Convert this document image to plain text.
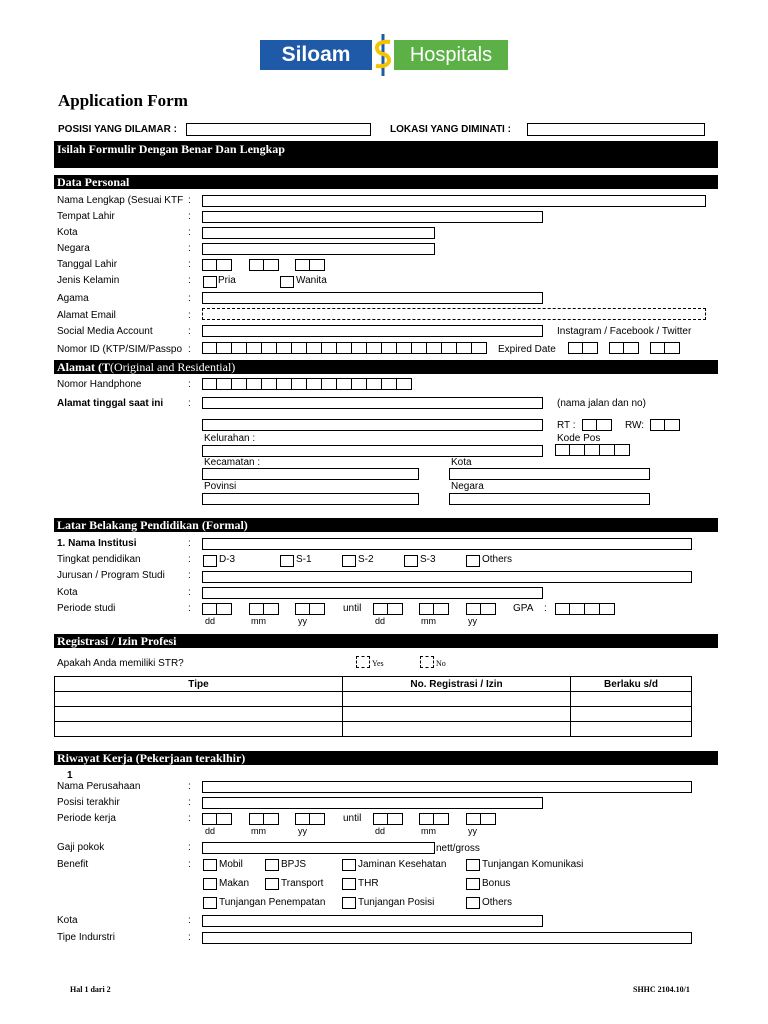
Siloam	Hospitals
Application Form
POSISI YANG DILAMAR :	LOKASI YANG DIMINATI :
Isilah Formulir Dengan Benar Dan Lengkap
Data Personal
Nama Lengkap (Sesuai KTF :
Tempat Lahir	:
Kota	:
Negara	:
Tanggal Lahir	:
Jenis Kelamin	:	Pria	Wanita
Agama	:
Alamat Email	:
Social Media Account	:	Instagram / Facebook / Twitter
Nomor ID (KTP/SIM/Passpo :	Expired Date
Alamat (T(Original and Residential)
Nomor Handphone	:
Alamat tinggal saat ini :	(nama jalan dan no)
RT :	RW:
Kelurahan :	Kode Pos
Kecamatan :	Kota
Povinsi	Negara
Latar Belakang Pendidikan (Formal)
1. Nama Institusi	:
Tingkat pendidikan	:	D-3	S-1	S-2	S-3	Others
Jurusan / Program Studi :
Kota	:
Periode studi	:	until	GPA :
dd	mm	yy	dd	mm	yy
Registrasi / Izin Profesi
Apakah Anda memiliki STR?	Yes	No
Tipe	No. Registrasi / Izin	Berlaku s/d

Riwayat Kerja (Pekerjaan teraklhir)
1
Nama Perusahaan	:
Posisi terakhir	:
Periode kerja	:	until
dd	mm	yy	dd	mm	yy
Gaji pokok	:	nett/gross
Benefit	:	Mobil	BPJS	Jaminan Kesehatan	Tunjangan Komunikasi
Makan	Transport	THR	Bonus
Tunjangan Penempatan	Tunjangan Posisi	Others
Kota	:
Tipe Indurstri	:
Hal 1 dari 2	SHHC 2104.10/1
